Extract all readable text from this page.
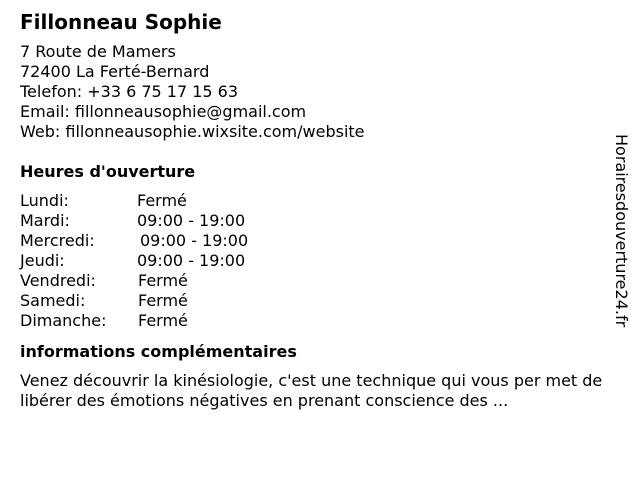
Fillonneau Sophie
7 Route de Mamers
72400 La Ferté-Bernard
Telefon: +33 6 75 17 15 63
Email: fillonneausophie@gmail.com
Web: fillonneausophie.wixsite.com/website
Heures d'ouverture
Lundi:	Fermé
Mardi:	09:00 - 19:00
Mercredi:	09:00 - 19:00
Jeudi:	09:00 - 19:00
Vendredi:	Fermé
Samedi:	Fermé
Dimanche:	Fermé
informations complémentaires
Venez découvrir la kinésiologie, c'est une technique qui vous per met de libérer des émotions négatives en prenant conscience des ...
Horairesdouverture24.fr
